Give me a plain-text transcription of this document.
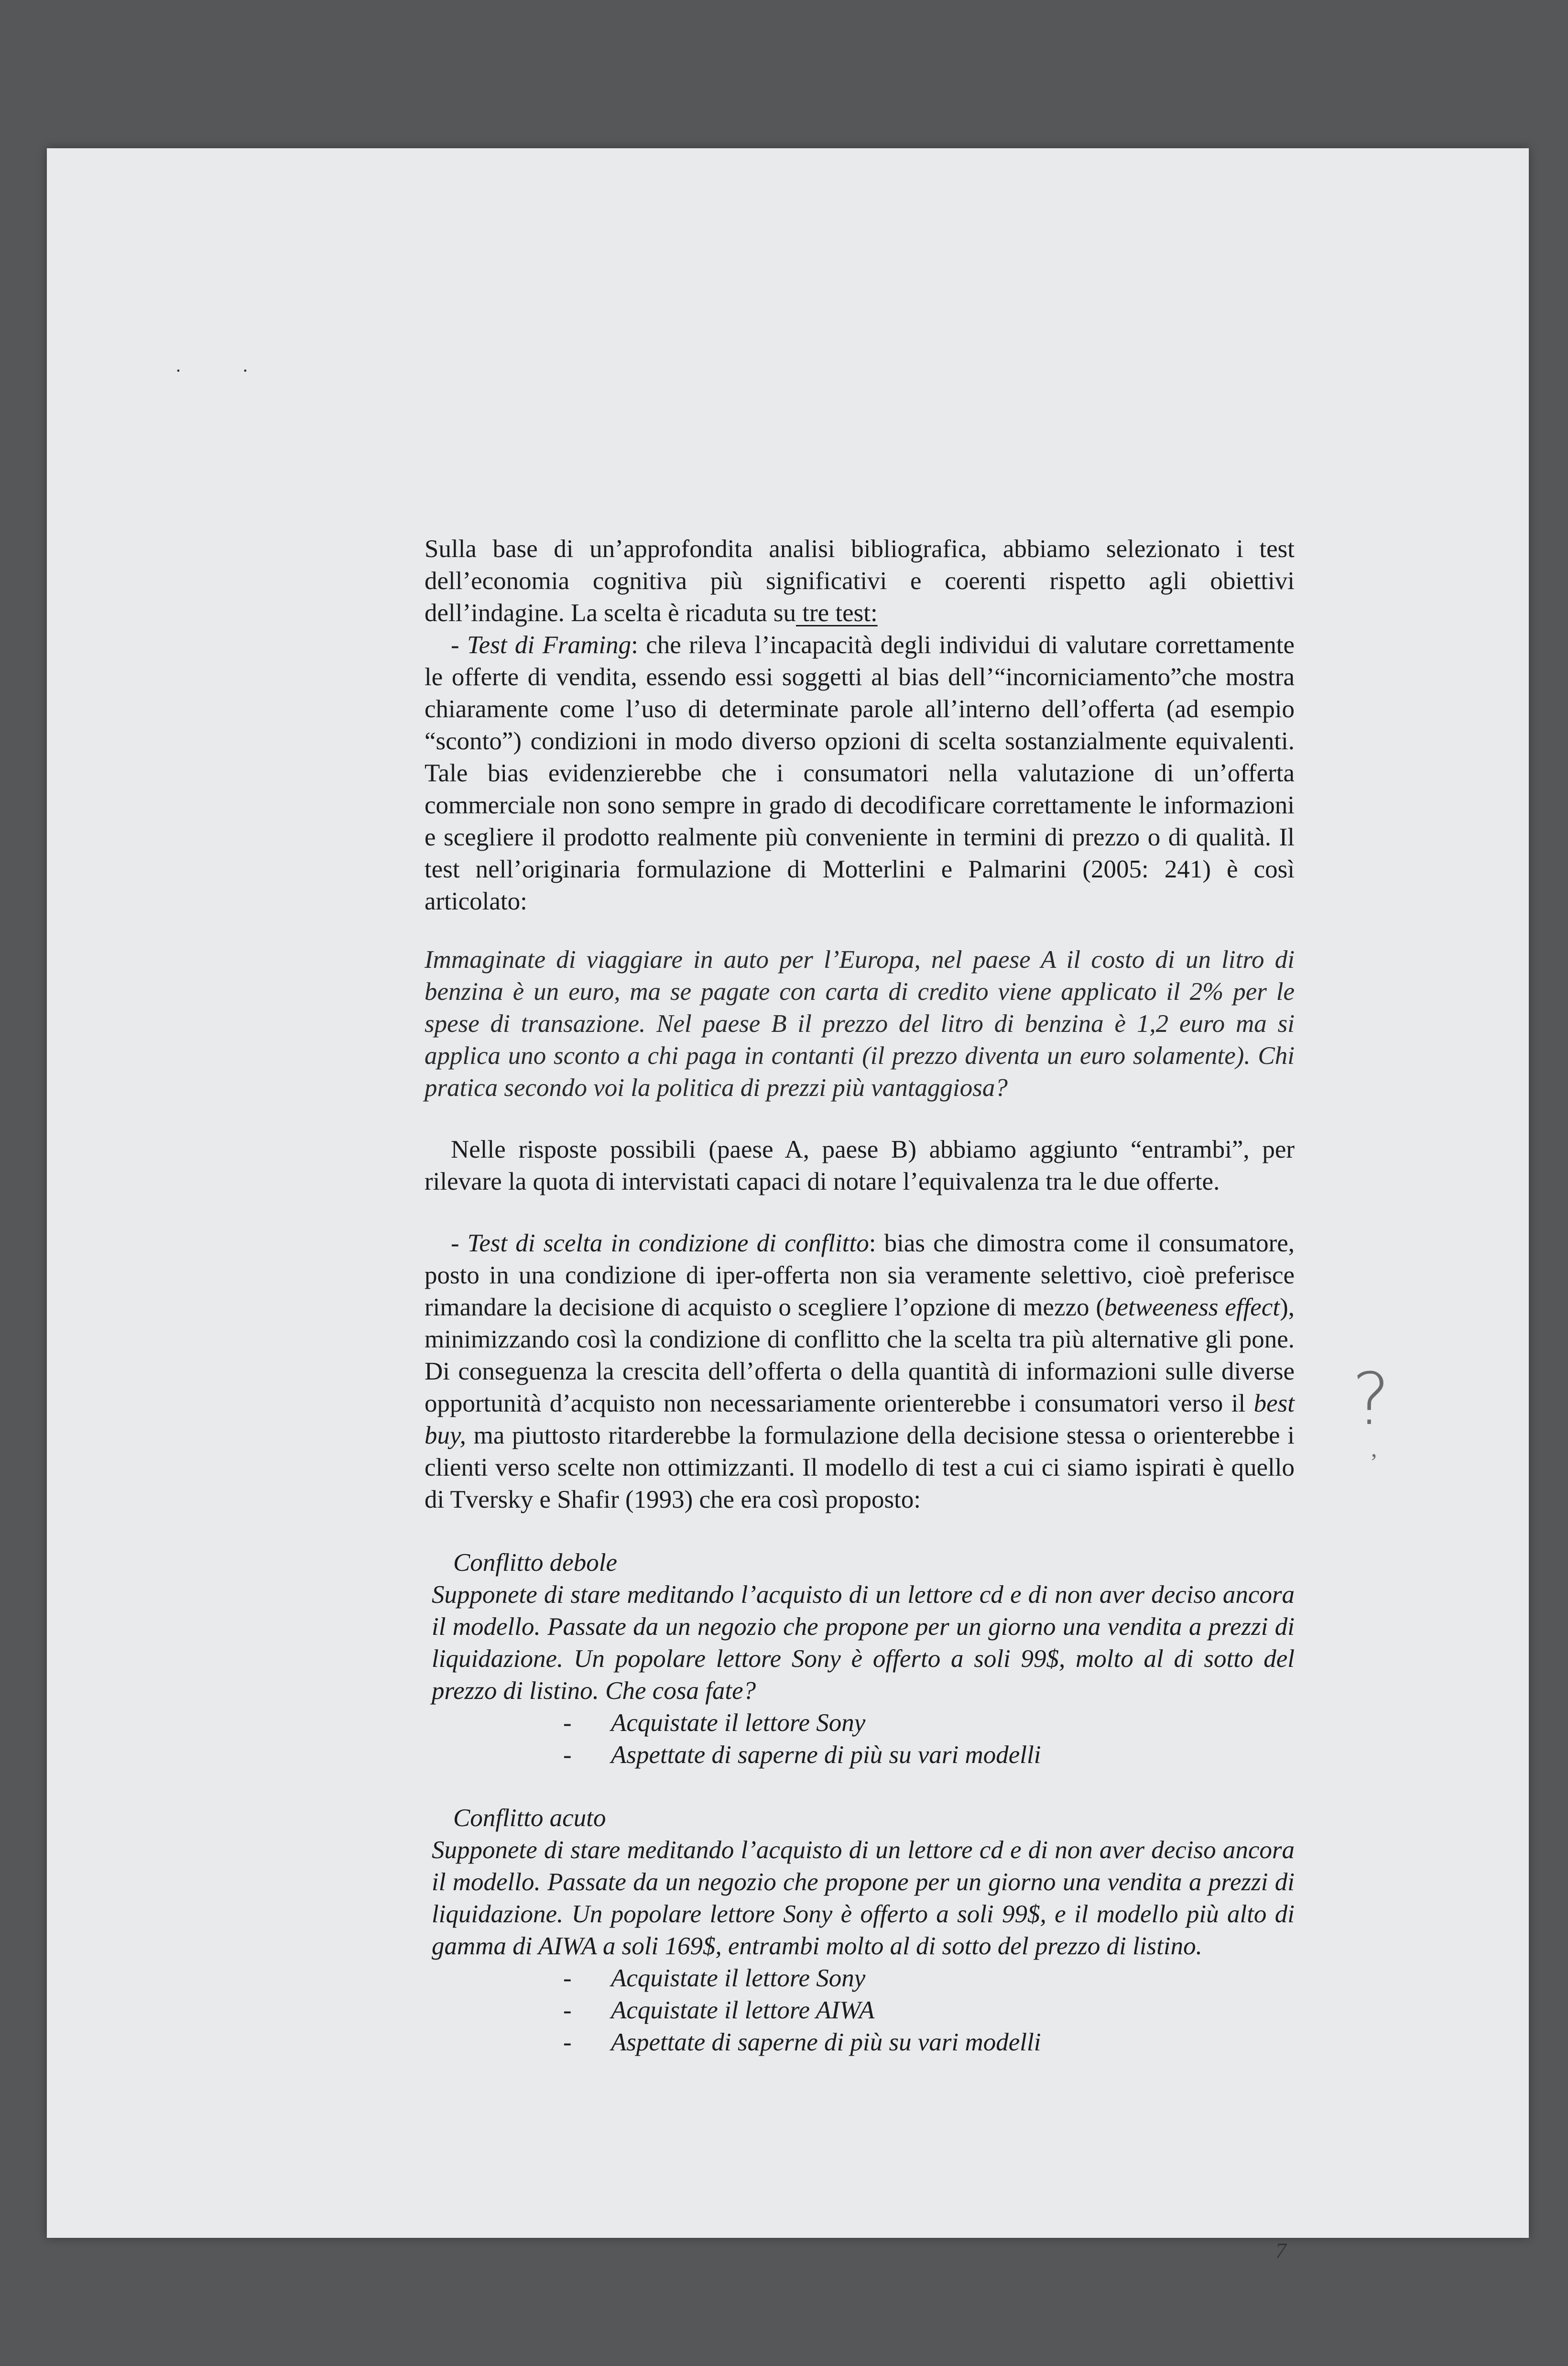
. .

Sulla base di un’approfondita analisi bibliografica, abbiamo selezionato i test dell’economia cognitiva più significativi e coerenti rispetto agli obiettivi dell’indagine. La scelta è ricaduta su tre test:

- Test di Framing: che rileva l’incapacità degli individui di valutare correttamente le offerte di vendita, essendo essi soggetti al bias dell’“incorniciamento”che mostra chiaramente come l’uso di determinate parole all’interno dell’offerta (ad esempio “sconto”) condizioni in modo diverso opzioni di scelta sostanzialmente equivalenti. Tale bias evidenzierebbe che i consumatori nella valutazione di un’offerta commerciale non sono sempre in grado di decodificare correttamente le informazioni e scegliere il prodotto realmente più conveniente in termini di prezzo o di qualità. Il test nell’originaria formulazione di Motterlini e Palmarini (2005: 241) è così articolato:

Immaginate di viaggiare in auto per l’Europa, nel paese A il costo di un litro di benzina è un euro, ma se pagate con carta di credito viene applicato il 2% per le spese di transazione. Nel paese B il prezzo del litro di benzina è 1,2 euro ma si applica uno sconto a chi paga in contanti (il prezzo diventa un euro solamente). Chi pratica secondo voi la politica di prezzi più vantaggiosa?

Nelle risposte possibili (paese A, paese B) abbiamo aggiunto “entrambi”, per rilevare la quota di intervistati capaci di notare l’equivalenza tra le due offerte.

- Test di scelta in condizione di conflitto: bias che dimostra come il consumatore, posto in una condizione di iper-offerta non sia veramente selettivo, cioè preferisce rimandare la decisione di acquisto o scegliere l’opzione di mezzo (betweeness effect), minimizzando così la condizione di conflitto che la scelta tra più alternative gli pone. Di conseguenza la crescita dell’offerta o della quantità di informazioni sulle diverse opportunità d’acquisto non necessariamente orienterebbe i consumatori verso il best buy, ma piuttosto ritarderebbe la formulazione della decisione stessa o orienterebbe i clienti verso scelte non ottimizzanti. Il modello di test a cui ci siamo ispirati è quello di Tversky e Shafir (1993) che era così proposto:

Conflitto debole

Supponete di stare meditando l’acquisto di un lettore cd e di non aver deciso ancora il modello. Passate da un negozio che propone per un giorno una vendita a prezzi di liquidazione. Un popolare lettore Sony è offerto a soli 99$, molto al di sotto del prezzo di listino. Che cosa fate?

- Acquistate il lettore Sony
- Aspettate di saperne di più su vari modelli

Conflitto acuto

Supponete di stare meditando l’acquisto di un lettore cd e di non aver deciso ancora il modello. Passate da un negozio che propone per un giorno una vendita a prezzi di liquidazione. Un popolare lettore Sony è offerto a soli 99$, e il modello più alto di gamma di AIWA a soli 169$, entrambi molto al di sotto del prezzo di listino.

- Acquistate il lettore Sony
- Acquistate il lettore AIWA
- Aspettate di saperne di più su vari modelli
?
,
7
